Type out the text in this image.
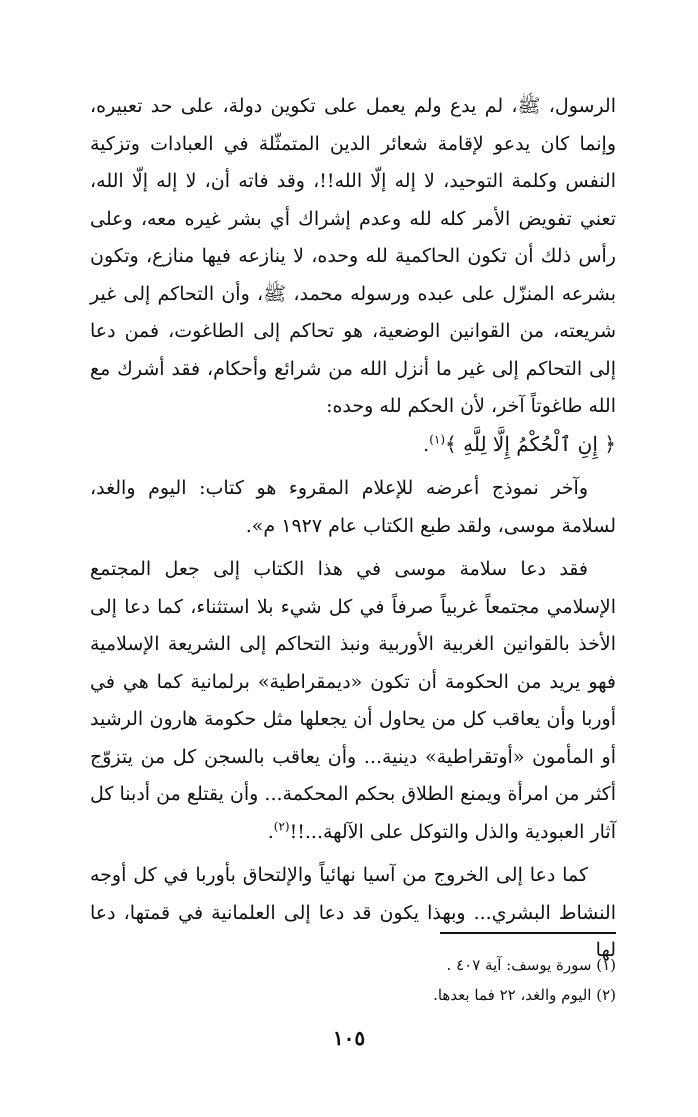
الرسول، ﷺ، لم يدع ولم يعمل على تكوين دولة، على حد تعبيره، وإنما كان يدعو لإقامة شعائر الدين المتمثّلة في العبادات وتزكية النفس وكلمة التوحيد، لا إله إلّا الله!!، وقد فاته أن، لا إله إلّا الله، تعني تفويض الأمر كله لله وعدم إشراك أي بشر غيره معه، وعلى رأس ذلك أن تكون الحاكمية لله وحده، لا ينازعه فيها منازع، وتكون بشرعه المنزّل على عبده ورسوله محمد، ﷺ، وأن التحاكم إلى غير شريعته، من القوانين الوضعية، هو تحاكم إلى الطاغوت، فمن دعا إلى التحاكم إلى غير ما أنزل الله من شرائع وأحكام، فقد أشرك مع الله طاغوتاً آخر، لأن الحكم لله وحده:
﴿ إِنِ ٱلْحُكْمُ إِلَّا لِلَّهِ ﴾$^{(١)}$.

وآخر نموذج أعرضه للإعلام المقروء هو كتاب: اليوم والغد، لسلامة موسى، ولقد طبع الكتاب عام ١٩٢٧ م».

فقد دعا سلامة موسى في هذا الكتاب إلى جعل المجتمع الإسلامي مجتمعاً غربياً صرفاً في كل شيء بلا استثناء، كما دعا إلى الأخذ بالقوانين الغربية الأوربية ونبذ التحاكم إلى الشريعة الإسلامية فهو يريد من الحكومة أن تكون «ديمقراطية» برلمانية كما هي في أوربا وأن يعاقب كل من يحاول أن يجعلها مثل حكومة هارون الرشيد أو المأمون «أوتقراطية» دينية... وأن يعاقب بالسجن كل من يتزوّج أكثر من امرأة ويمنع الطلاق بحكم المحكمة... وأن يقتلع من أدبنا كل آثار العبودية والذل والتوكل على الآلهة...!!$^{(٢)}$.

كما دعا إلى الخروج من آسيا نهائياً والإلتحاق بأوربا في كل أوجه النشاط البشري... وبهذا يكون قد دعا إلى العلمانية في قمتها، دعا لها

(١) سورة يوسف: آية ٤٠٧ .

(٢) اليوم والغد، ٢٢ فما بعدها.

١٠٥
